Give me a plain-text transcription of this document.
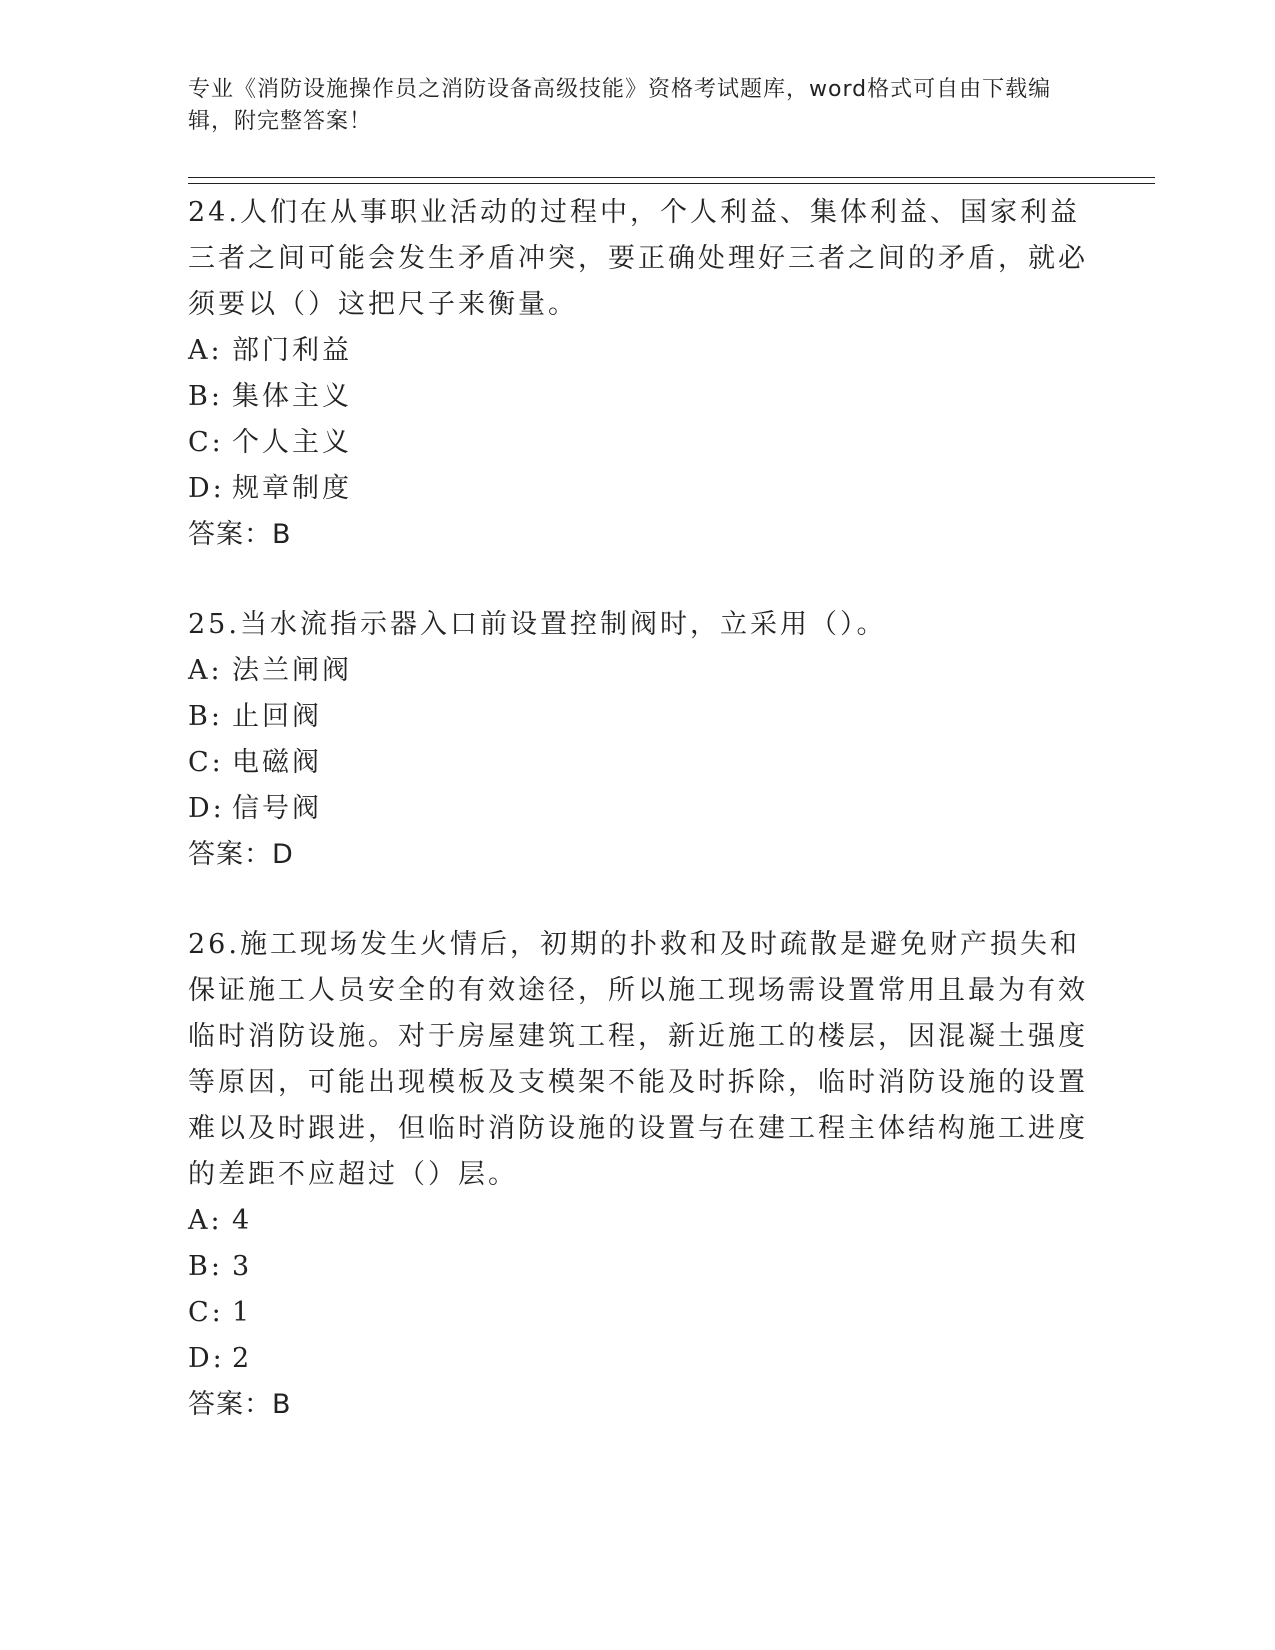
专业《消防设施操作员之消防设备高级技能》资格考试题库，word格式可自由下载编辑，附完整答案！

24.人们在从事职业活动的过程中，个人利益、集体利益、国家利益三者之间可能会发生矛盾冲突，要正确处理好三者之间的矛盾，就必须要以（）这把尺子来衡量。

A: 部门利益

B: 集体主义

C: 个人主义

D: 规章制度

答案：B

25.当水流指示器入口前设置控制阀时，立采用（）。

A: 法兰闸阀

B: 止回阀

C: 电磁阀

D: 信号阀

答案：D

26.施工现场发生火情后，初期的扑救和及时疏散是避免财产损失和保证施工人员安全的有效途径，所以施工现场需设置常用且最为有效临时消防设施。对于房屋建筑工程，新近施工的楼层，因混凝土强度等原因，可能出现模板及支模架不能及时拆除，临时消防设施的设置难以及时跟进，但临时消防设施的设置与在建工程主体结构施工进度的差距不应超过（）层。

A: 4

B: 3

C: 1

D: 2

答案：B
